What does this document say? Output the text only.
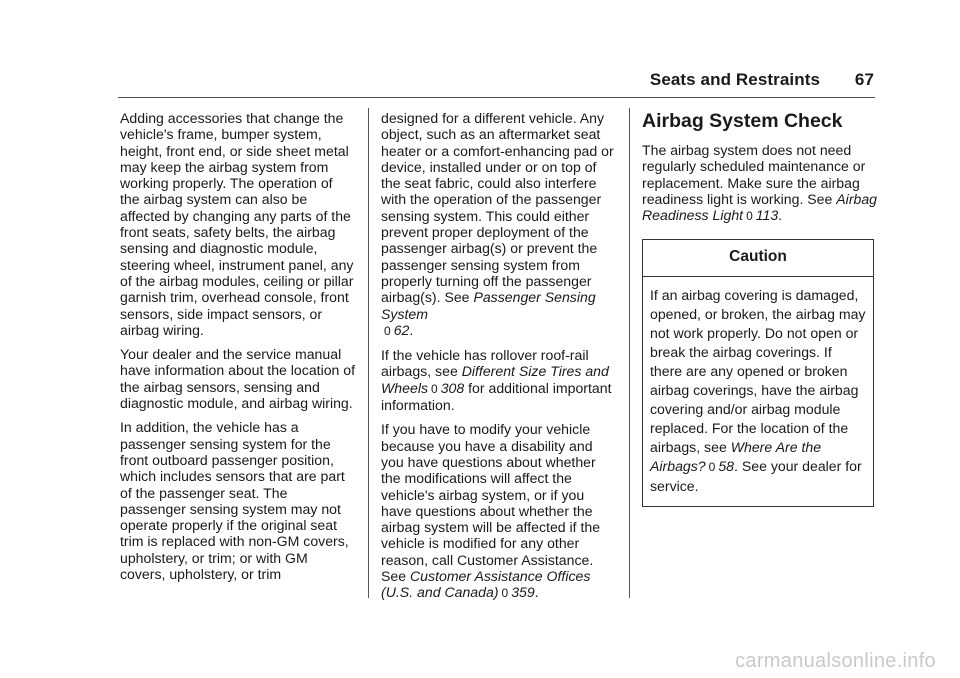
Seats and Restraints 67

Adding accessories that change the vehicle's frame, bumper system, height, front end, or side sheet metal may keep the airbag system from working properly. The operation of the airbag system can also be affected by changing any parts of the front seats, safety belts, the airbag sensing and diagnostic module, steering wheel, instrument panel, any of the airbag modules, ceiling or pillar garnish trim, overhead console, front sensors, side impact sensors, or airbag wiring.

Your dealer and the service manual have information about the location of the airbag sensors, sensing and diagnostic module, and airbag wiring.

In addition, the vehicle has a passenger sensing system for the front outboard passenger position, which includes sensors that are part of the passenger seat. The passenger sensing system may not operate properly if the original seat trim is replaced with non-GM covers, upholstery, or trim; or with GM covers, upholstery, or trim

designed for a different vehicle. Any object, such as an aftermarket seat heater or a comfort-enhancing pad or device, installed under or on top of the seat fabric, could also interfere with the operation of the passenger sensing system. This could either prevent proper deployment of the passenger airbag(s) or prevent the passenger sensing system from properly turning off the passenger airbag(s). See Passenger Sensing System
0 62.

If the vehicle has rollover roof-rail airbags, see Different Size Tires and Wheels 0 308 for additional important information.

If you have to modify your vehicle because you have a disability and you have questions about whether the modifications will affect the vehicle's airbag system, or if you have questions about whether the airbag system will be affected if the vehicle is modified for any other reason, call Customer Assistance. See Customer Assistance Offices (U.S. and Canada) 0 359.

Airbag System Check

The airbag system does not need regularly scheduled maintenance or replacement. Make sure the airbag readiness light is working. See Airbag Readiness Light 0 113.

Caution
If an airbag covering is damaged, opened, or broken, the airbag may not work properly. Do not open or break the airbag coverings. If there are any opened or broken airbag coverings, have the airbag covering and/or airbag module replaced. For the location of the airbags, see Where Are the Airbags? 0 58. See your dealer for service.
carmanualsonline.info
